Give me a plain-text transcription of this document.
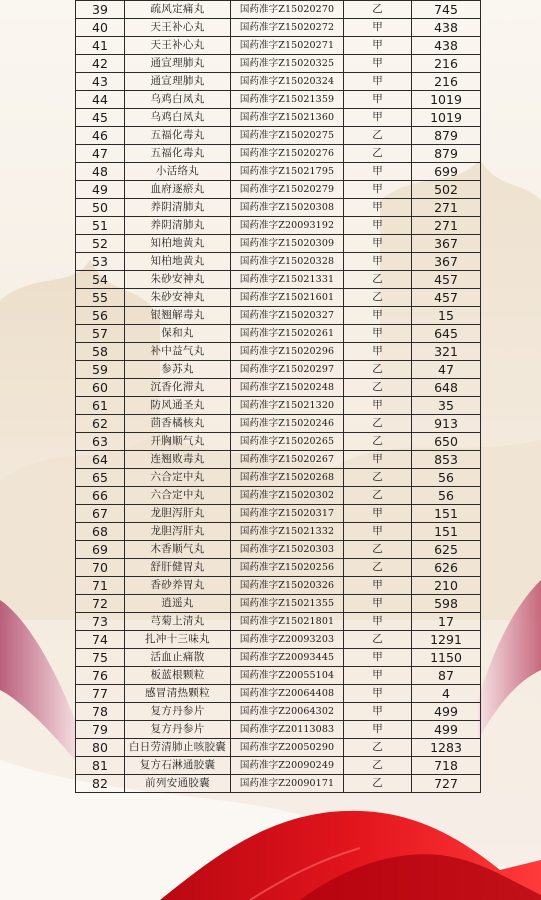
39	疏风定痛丸	国药准字Z15020270	乙	745
40	天王补心丸	国药准字Z15020272	甲	438
41	天王补心丸	国药准字Z15020271	甲	438
42	通宣理肺丸	国药准字Z15020325	甲	216
43	通宣理肺丸	国药准字Z15020324	甲	216
44	乌鸡白凤丸	国药准字Z15021359	甲	1019
45	乌鸡白凤丸	国药准字Z15021360	甲	1019
46	五福化毒丸	国药准字Z15020275	乙	879
47	五福化毒丸	国药准字Z15020276	乙	879
48	小活络丸	国药准字Z15021795	甲	699
49	血府逐瘀丸	国药准字Z15020279	甲	502
50	养阴清肺丸	国药准字Z15020308	甲	271
51	养阴清肺丸	国药准字Z20093192	甲	271
52	知柏地黄丸	国药准字Z15020309	甲	367
53	知柏地黄丸	国药准字Z15020328	甲	367
54	朱砂安神丸	国药准字Z15021331	乙	457
55	朱砂安神丸	国药准字Z15021601	乙	457
56	银翘解毒丸	国药准字Z15020327	甲	15
57	保和丸	国药准字Z15020261	甲	645
58	补中益气丸	国药准字Z15020296	甲	321
59	参苏丸	国药准字Z15020297	乙	47
60	沉香化滞丸	国药准字Z15020248	乙	648
61	防风通圣丸	国药准字Z15021320	甲	35
62	茴香橘核丸	国药准字Z15020246	乙	913
63	开胸顺气丸	国药准字Z15020265	乙	650
64	连翘败毒丸	国药准字Z15020267	甲	853
65	六合定中丸	国药准字Z15020268	乙	56
66	六合定中丸	国药准字Z15020302	乙	56
67	龙胆泻肝丸	国药准字Z15020317	甲	151
68	龙胆泻肝丸	国药准字Z15021332	甲	151
69	木香顺气丸	国药准字Z15020303	乙	625
70	舒肝健胃丸	国药准字Z15020256	乙	626
71	香砂养胃丸	国药准字Z15020326	甲	210
72	逍遥丸	国药准字Z15021355	甲	598
73	芎菊上清丸	国药准字Z15021801	甲	17
74	扎冲十三味丸	国药准字Z20093203	乙	1291
75	活血止痛散	国药准字Z20093445	甲	1150
76	板蓝根颗粒	国药准字Z20055104	甲	87
77	感冒清热颗粒	国药准字Z20064408	甲	4
78	复方丹参片	国药准字Z20064302	甲	499
79	复方丹参片	国药准字Z20113083	甲	499
80	白日劳清肺止咳胶囊	国药准字Z20050290	乙	1283
81	复方石淋通胶囊	国药准字Z20090249	乙	718
82	前列安通胶囊	国药准字Z20090171	乙	727
